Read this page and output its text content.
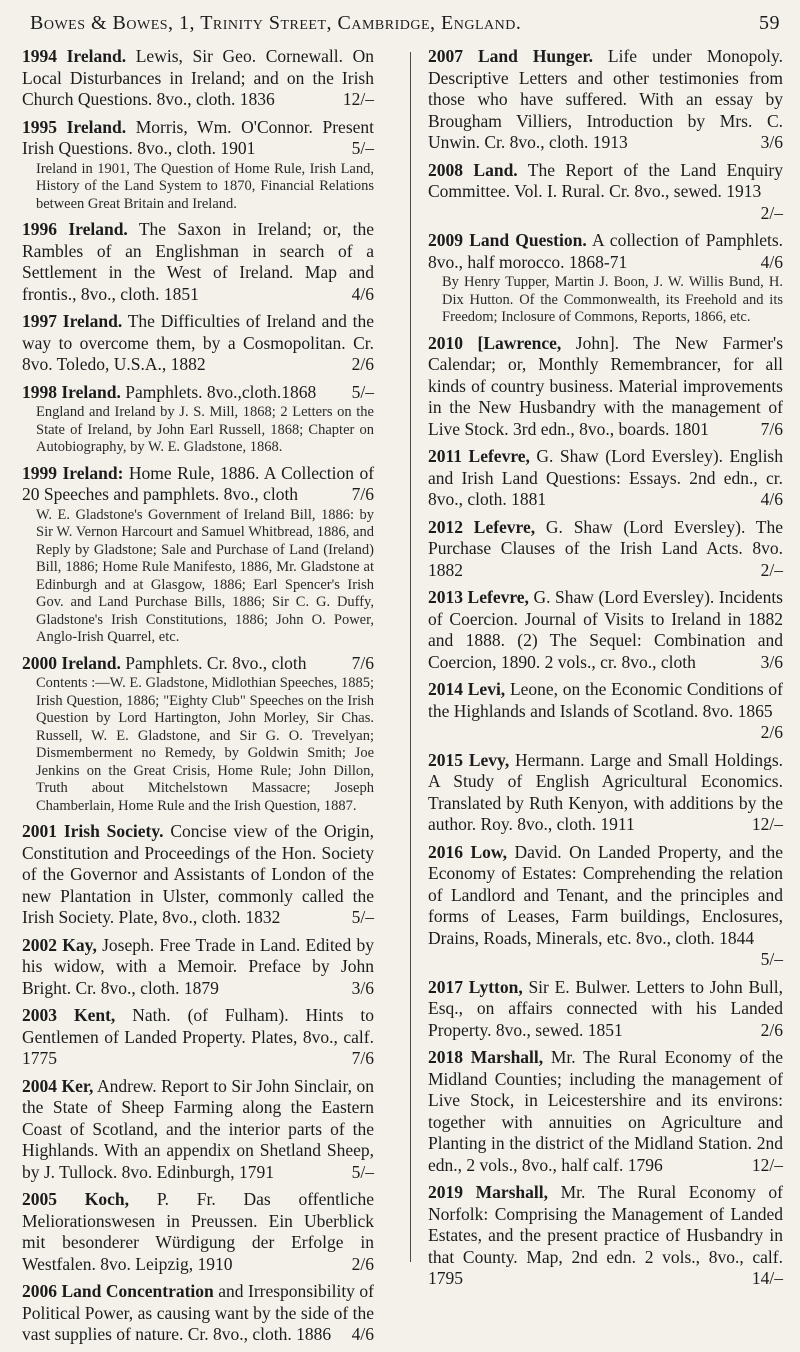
Bowes & Bowes, 1, Trinity Street, Cambridge, England.	59
1994 Ireland. Lewis, Sir Geo. Cornewall. On Local Disturbances in Ireland; and on the Irish Church Questions. 8vo., cloth. 1836	12/–
1995 Ireland. Morris, Wm. O'Connor. Present Irish Questions. 8vo., cloth. 1901	5/–
Ireland in 1901, The Question of Home Rule, Irish Land, History of the Land System to 1870, Financial Relations between Great Britain and Ireland.
1996 Ireland. The Saxon in Ireland; or, the Rambles of an Englishman in search of a Settlement in the West of Ireland. Map and frontis., 8vo., cloth. 1851	4/6
1997 Ireland. The Difficulties of Ireland and the way to overcome them, by a Cosmopolitan. Cr. 8vo. Toledo, U.S.A., 1882	2/6
1998 Ireland. Pamphlets. 8vo.,cloth.1868 5/–
England and Ireland by J. S. Mill, 1868; 2 Letters on the State of Ireland, by John Earl Russell, 1868; Chapter on Autobiography, by W. E. Gladstone, 1868.
1999 Ireland: Home Rule, 1886. A Collection of 20 Speeches and pamphlets. 8vo., cloth	7/6
W. E. Gladstone's Government of Ireland Bill, 1886: by Sir W. Vernon Harcourt and Samuel Whitbread, 1886, and Reply by Gladstone; Sale and Purchase of Land (Ireland) Bill, 1886; Home Rule Manifesto, 1886, Mr. Gladstone at Edinburgh and at Glasgow, 1886; Earl Spencer's Irish Gov. and Land Purchase Bills, 1886; Sir C. G. Duffy, Gladstone's Irish Constitutions, 1886; John O. Power, Anglo-Irish Quarrel, etc.
2000 Ireland. Pamphlets. Cr. 8vo., cloth	7/6
Contents :—W. E. Gladstone, Midlothian Speeches, 1885; Irish Question, 1886; "Eighty Club" Speeches on the Irish Question by Lord Hartington, John Morley, Sir Chas. Russell, W. E. Gladstone, and Sir G. O. Trevelyan; Dismemberment no Remedy, by Goldwin Smith; Joe Jenkins on the Great Crisis, Home Rule; John Dillon, Truth about Mitchelstown Massacre; Joseph Chamberlain, Home Rule and the Irish Question, 1887.
2001 Irish Society. Concise view of the Origin, Constitution and Proceedings of the Hon. Society of the Governor and Assistants of London of the new Plantation in Ulster, commonly called the Irish Society. Plate, 8vo., cloth. 1832	5/–
2002 Kay, Joseph. Free Trade in Land. Edited by his widow, with a Memoir. Preface by John Bright. Cr. 8vo., cloth. 1879	3/6
2003 Kent, Nath. (of Fulham). Hints to Gentlemen of Landed Property. Plates, 8vo., calf. 1775	7/6
2004 Ker, Andrew. Report to Sir John Sinclair, on the State of Sheep Farming along the Eastern Coast of Scotland, and the interior parts of the Highlands. With an appendix on Shetland Sheep, by J. Tullock. 8vo. Edinburgh, 1791	5/–
2005 Koch, P. Fr. Das offentliche Meliorationswesen in Preussen. Ein Uberblick mit besonderer Würdigung der Erfolge in Westfalen. 8vo. Leipzig, 1910	2/6
2006 Land Concentration and Irresponsibility of Political Power, as causing want by the side of the vast supplies of nature. Cr. 8vo., cloth. 1886 4/6
2007 Land Hunger. Life under Monopoly. Descriptive Letters and other testimonies from those who have suffered. With an essay by Brougham Villiers, Introduction by Mrs. C. Unwin. Cr. 8vo., cloth. 1913	3/6
2008 Land. The Report of the Land Enquiry Committee. Vol. I. Rural. Cr. 8vo., sewed. 1913
2/–
2009 Land Question. A collection of Pamphlets. 8vo., half morocco. 1868-71	4/6
By Henry Tupper, Martin J. Boon, J. W. Willis Bund, H. Dix Hutton. Of the Commonwealth, its Freehold and its Freedom; Inclosure of Commons, Reports, 1866, etc.
2010 [Lawrence, John]. The New Farmer's Calendar; or, Monthly Remembrancer, for all kinds of country business. Material improvements in the New Husbandry with the management of Live Stock. 3rd edn., 8vo., boards. 1801	7/6
2011 Lefevre, G. Shaw (Lord Eversley). English and Irish Land Questions: Essays. 2nd edn., cr. 8vo., cloth. 1881	4/6
2012 Lefevre, G. Shaw (Lord Eversley). The Purchase Clauses of the Irish Land Acts. 8vo. 1882	2/–
2013 Lefevre, G. Shaw (Lord Eversley). Incidents of Coercion. Journal of Visits to Ireland in 1882 and 1888. (2) The Sequel: Combination and Coercion, 1890. 2 vols., cr. 8vo., cloth	3/6
2014 Levi, Leone, on the Economic Conditions of the Highlands and Islands of Scotland. 8vo. 1865
2/6
2015 Levy, Hermann. Large and Small Holdings. A Study of English Agricultural Economics. Translated by Ruth Kenyon, with additions by the author. Roy. 8vo., cloth. 1911	12/–
2016 Low, David. On Landed Property, and the Economy of Estates: Comprehending the relation of Landlord and Tenant, and the principles and forms of Leases, Farm buildings, Enclosures, Drains, Roads, Minerals, etc. 8vo., cloth. 1844
5/–
2017 Lytton, Sir E. Bulwer. Letters to John Bull, Esq., on affairs connected with his Landed Property. 8vo., sewed. 1851	2/6
2018 Marshall, Mr. The Rural Economy of the Midland Counties; including the management of Live Stock, in Leicestershire and its environs: together with annuities on Agriculture and Planting in the district of the Midland Station. 2nd edn., 2 vols., 8vo., half calf. 1796	12/–
2019 Marshall, Mr. The Rural Economy of Norfolk: Comprising the Management of Landed Estates, and the present practice of Husbandry in that County. Map, 2nd edn. 2 vols., 8vo., calf. 1795	14/–
